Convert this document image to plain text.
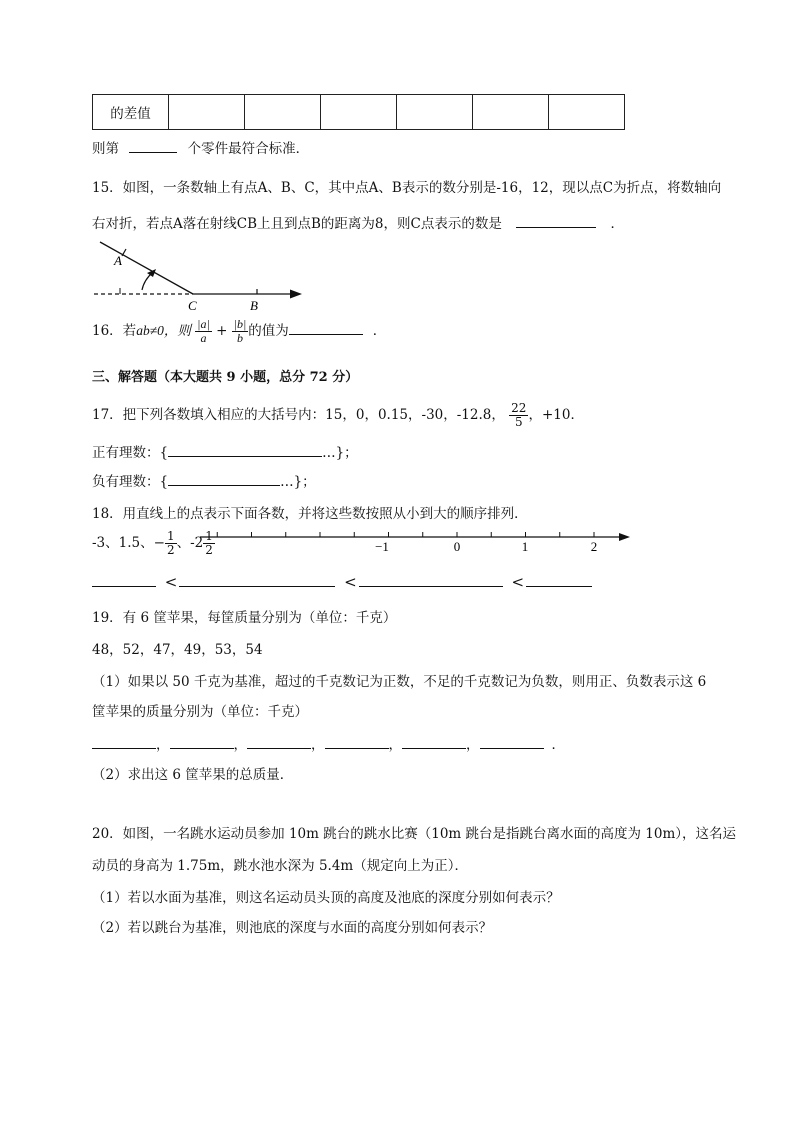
的差值						
则第	个零件最符合标准．
15．如图，一条数轴上有点A、B、C，其中点A、B表示的数分别是-16，12，现以点C为折点，将数轴向
右对折，若点A落在射线CB上且到点B的距离为8，则C点表示的数是	．
A
C	B
16．若ab≠0，则 $\frac{|a|}{a} + \frac{|b|}{b}$ 的值为	．
三、解答题（本大题共 9 小题，总分 72 分）
17．把下列各数填入相应的大括号内：15，0，0.15，-30，-12.8， $\frac{22}{5}$ ，+10．
正有理数：{	…}；
负有理数：{	…}；
18．用直线上的点表示下面各数，并将这些数按照从小到大的顺序排列．
-3、1.5、− $\frac{1}{2}$ 、$-2 \frac{1}{2}$	−1	0	1	2
<	<	<
19．有 6 筐苹果，每筐质量分别为（单位：千克）
48，52，47，49，53，54
（1）如果以 50 千克为基准，超过的千克数记为正数，不足的千克数记为负数，则用正、负数表示这 6
筐苹果的质量分别为（单位：千克）
，	，	，	，	，	．
（2）求出这 6 筐苹果的总质量．
20．如图，一名跳水运动员参加 10m 跳台的跳水比赛（10m 跳台是指跳台离水面的高度为 10m），这名运
动员的身高为 1.75m，跳水池水深为 5.4m（规定向上为正）．
（1）若以水面为基准，则这名运动员头顶的高度及池底的深度分别如何表示？
（2）若以跳台为基准，则池底的深度与水面的高度分别如何表示？
